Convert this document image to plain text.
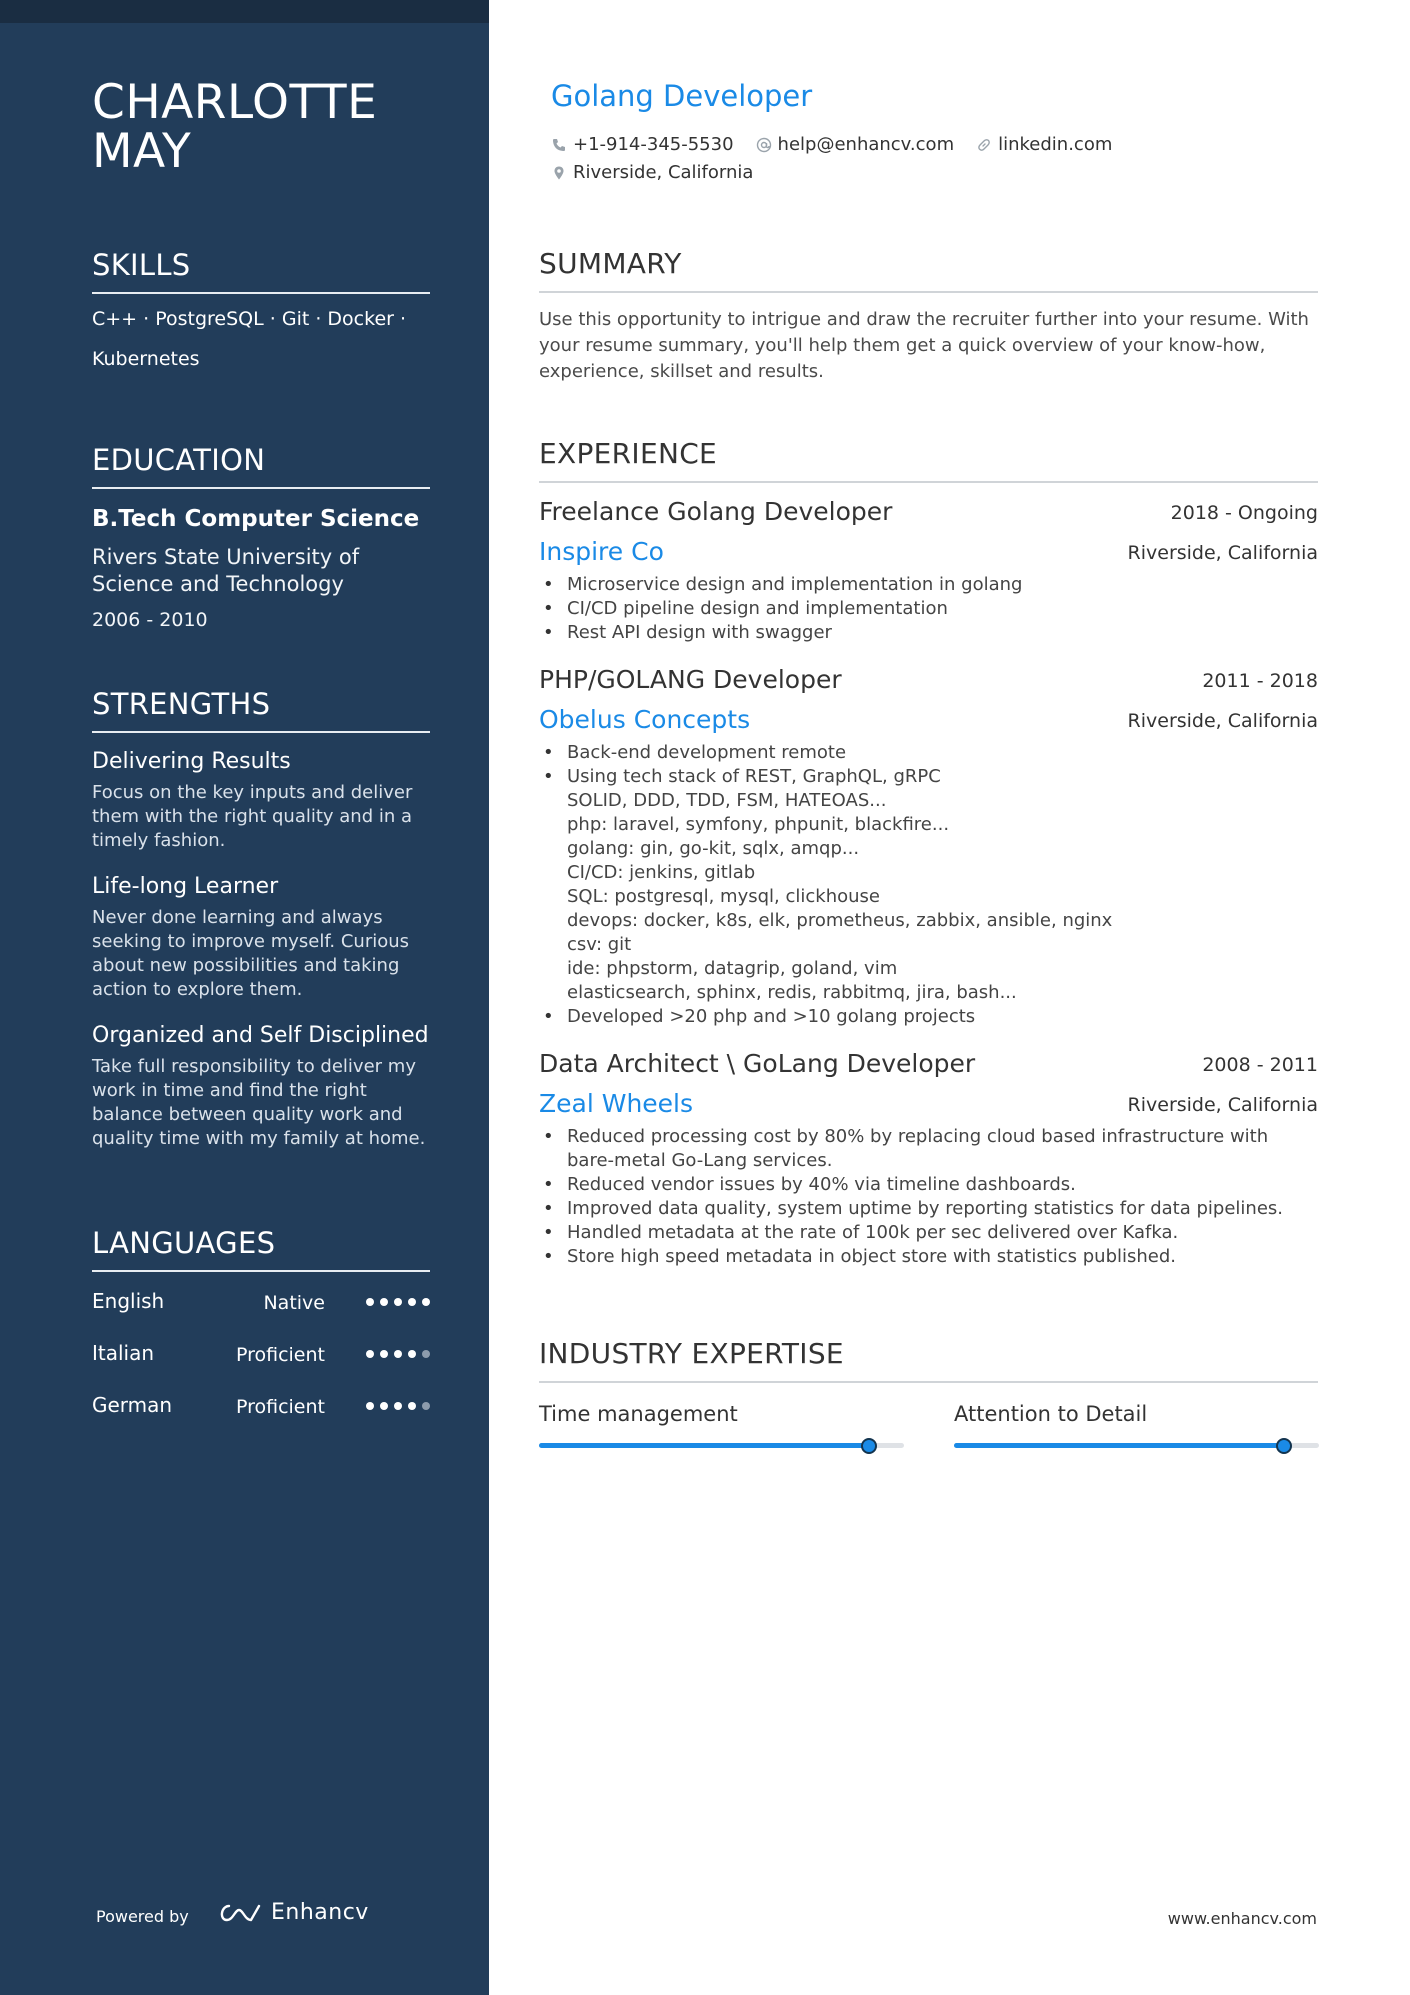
CHARLOTTE
MAY
SKILLS
C++ · PostgreSQL · Git · Docker · Kubernetes
EDUCATION
B.Tech Computer Science
Rivers State University of Science and Technology
2006 - 2010
STRENGTHS
Delivering Results
Focus on the key inputs and deliver them with the right quality and in a timely fashion.
Life-long Learner
Never done learning and always seeking to improve myself. Curious about new possibilities and taking action to explore them.
Organized and Self Disciplined
Take full responsibility to deliver my work in time and find the right balance between quality work and quality time with my family at home.
LANGUAGES
English	Native
Italian	Proficient
German	Proficient
Powered by	Enhancv
Golang Developer
+1-914-345-5530 help@enhancv.com linkedin.com
Riverside, California
SUMMARY
Use this opportunity to intrigue and draw the recruiter further into your resume. With your resume summary, you'll help them get a quick overview of your know-how, experience, skillset and results.
EXPERIENCE
Freelance Golang Developer	2018 - Ongoing
Inspire Co	Riverside, California
• Microservice design and implementation in golang
• CI/CD pipeline design and implementation
• Rest API design with swagger
PHP/GOLANG Developer	2011 - 2018
Obelus Concepts	Riverside, California
• Back-end development remote
• Using tech stack of REST, GraphQL, gRPC
SOLID, DDD, TDD, FSM, HATEOAS...
php: laravel, symfony, phpunit, blackfire...
golang: gin, go-kit, sqlx, amqp...
CI/CD: jenkins, gitlab
SQL: postgresql, mysql, clickhouse
devops: docker, k8s, elk, prometheus, zabbix, ansible, nginx
csv: git
ide: phpstorm, datagrip, goland, vim
elasticsearch, sphinx, redis, rabbitmq, jira, bash...
• Developed >20 php and >10 golang projects
Data Architect \ GoLang Developer	2008 - 2011
Zeal Wheels	Riverside, California
• Reduced processing cost by 80% by replacing cloud based infrastructure with bare-metal Go-Lang services.
• Reduced vendor issues by 40% via timeline dashboards.
• Improved data quality, system uptime by reporting statistics for data pipelines.
• Handled metadata at the rate of 100k per sec delivered over Kafka.
• Store high speed metadata in object store with statistics published.
INDUSTRY EXPERTISE
Time management	Attention to Detail
www.enhancv.com
